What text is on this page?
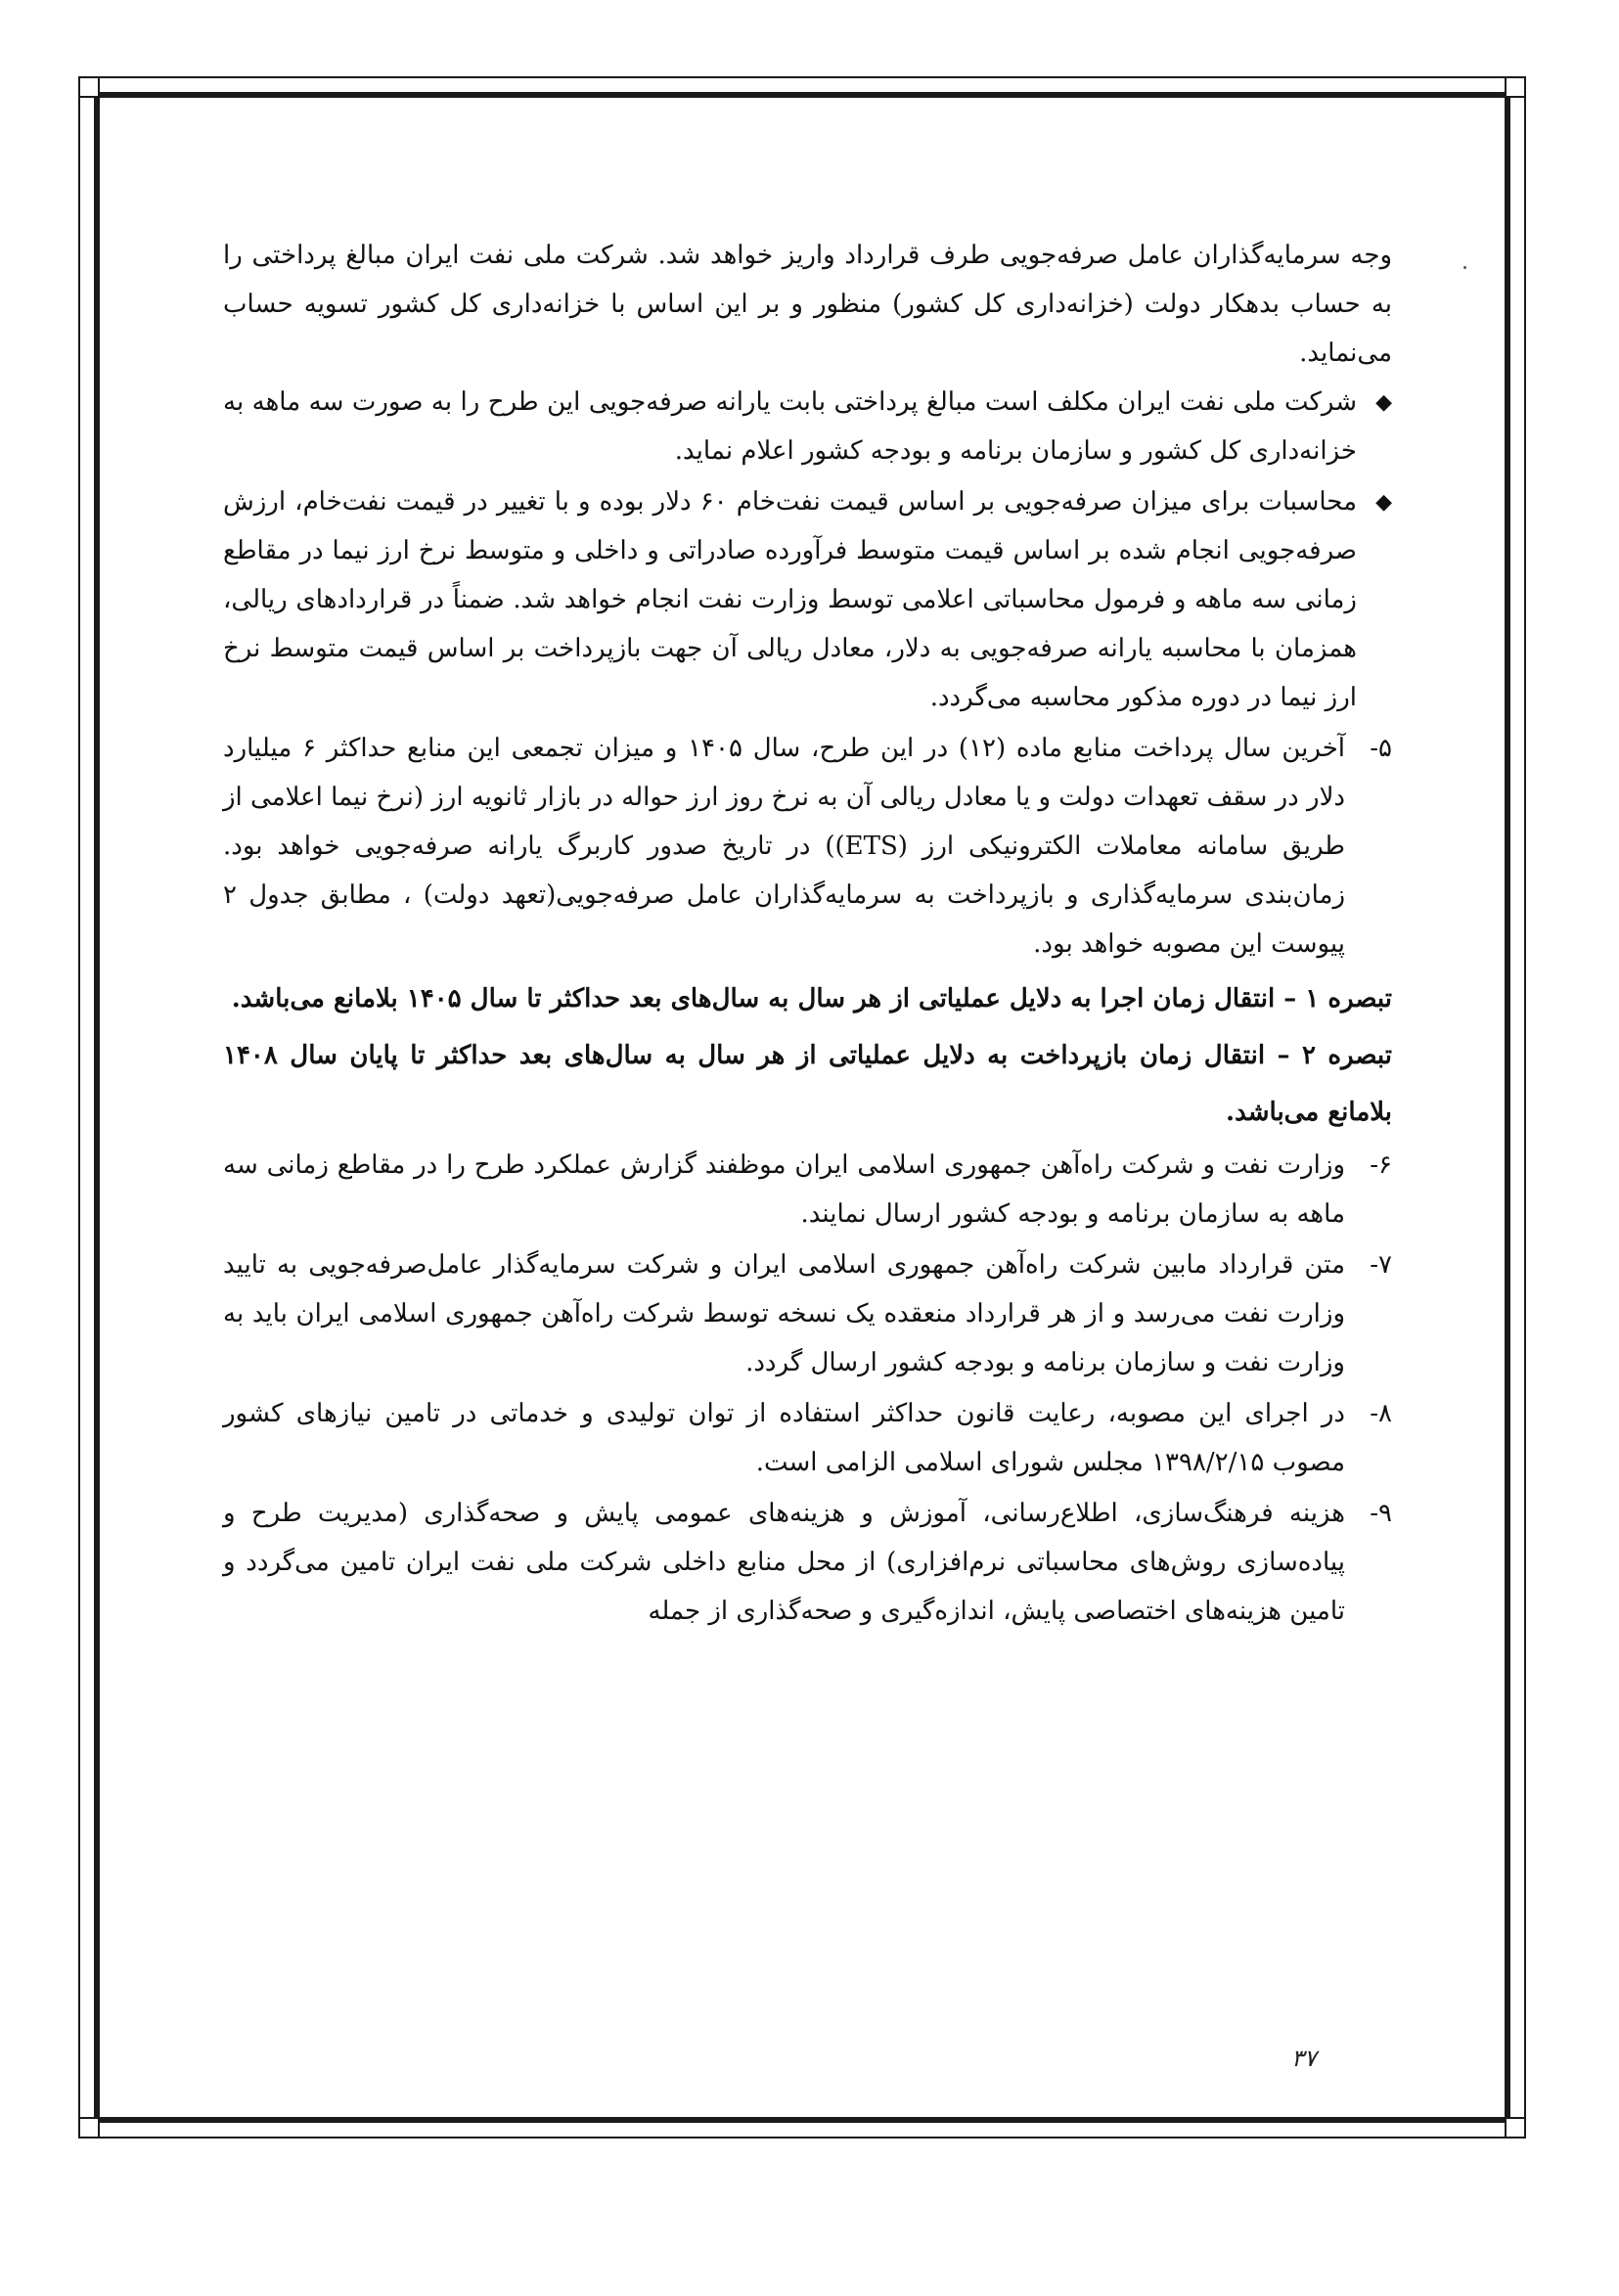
وجه سرمایه‌گذاران عامل صرفه‌جویی طرف قرارداد واریز خواهد شد. شرکت ملی نفت ایران مبالغ پرداختی را به حساب بدهکار دولت (خزانه‌داری کل کشور) منظور و بر این اساس با خزانه‌داری کل کشور تسویه حساب می‌نماید.

◆

شرکت ملی نفت ایران مکلف است مبالغ پرداختی بابت یارانه صرفه‌جویی این طرح را به صورت سه ماهه به خزانه‌داری کل کشور و سازمان برنامه و بودجه کشور اعلام نماید.

◆

محاسبات برای میزان صرفه‌جویی بر اساس قیمت نفت‌خام ۶۰ دلار بوده و با تغییر در قیمت نفت‌خام، ارزش صرفه‌جویی انجام شده بر اساس قیمت متوسط فرآورده صادراتی و داخلی و متوسط نرخ ارز نیما در مقاطع زمانی سه ماهه و فرمول محاسباتی اعلامی توسط وزارت نفت انجام خواهد شد. ضمناً در قراردادهای ریالی، همزمان با محاسبه یارانه صرفه‌جویی به دلار، معادل ریالی آن جهت بازپرداخت بر اساس قیمت متوسط نرخ ارز نیما در دوره مذکور محاسبه می‌گردد.

۵-

آخرین سال پرداخت منابع ماده (۱۲) در این طرح، سال ۱۴۰۵ و میزان تجمعی این منابع حداکثر ۶ میلیارد دلار در سقف تعهدات دولت و یا معادل ریالی آن به نرخ روز ارز حواله در بازار ثانویه ارز (نرخ نیما اعلامی از طریق سامانه معاملات الکترونیکی ارز (ETS)) در تاریخ صدور کاربرگ یارانه صرفه‌جویی خواهد بود. زمان‌بندی سرمایه‌گذاری و بازپرداخت به سرمایه‌گذاران عامل صرفه‌جویی(تعهد دولت) ، مطابق جدول ۲ پیوست این مصوبه خواهد بود.

تبصره ۱ – انتقال زمان اجرا به دلایل عملیاتی از هر سال به سال‌های بعد حداکثر تا سال ۱۴۰۵ بلامانع می‌باشد.

تبصره ۲ – انتقال زمان بازپرداخت به دلایل عملیاتی از هر سال به سال‌های بعد حداکثر تا پایان سال ۱۴۰۸ بلامانع می‌باشد.

۶-

وزارت نفت و شرکت راه‌آهن جمهوری اسلامی ایران موظفند گزارش عملکرد طرح را در مقاطع زمانی سه ماهه به سازمان برنامه و بودجه کشور ارسال نمایند.

۷-

متن قرارداد مابین شرکت راه‌آهن جمهوری اسلامی ایران و شرکت سرمایه‌گذار عامل‌صرفه‌جویی به تایید وزارت نفت می‌رسد و از هر قرارداد منعقده یک نسخه توسط شرکت راه‌آهن جمهوری اسلامی ایران باید به وزارت نفت و سازمان برنامه و بودجه کشور ارسال گردد.

۸-

در اجرای این مصوبه، رعایت قانون حداکثر استفاده از توان تولیدی و خدماتی در تامین نیازهای کشور مصوب ۱۳۹۸/۲/۱۵ مجلس شورای اسلامی الزامی است.

۹-

هزینه فرهنگ‌سازی، اطلاع‌رسانی، آموزش و هزینه‌های عمومی پایش و صحه‌گذاری (مدیریت طرح و پیاده‌سازی روش‌های محاسباتی نرم‌افزاری) از محل منابع داخلی شرکت ملی نفت ایران تامین می‌گردد و تامین هزینه‌های اختصاصی پایش، اندازه‌گیری و صحه‌گذاری از جمله

۳۷
